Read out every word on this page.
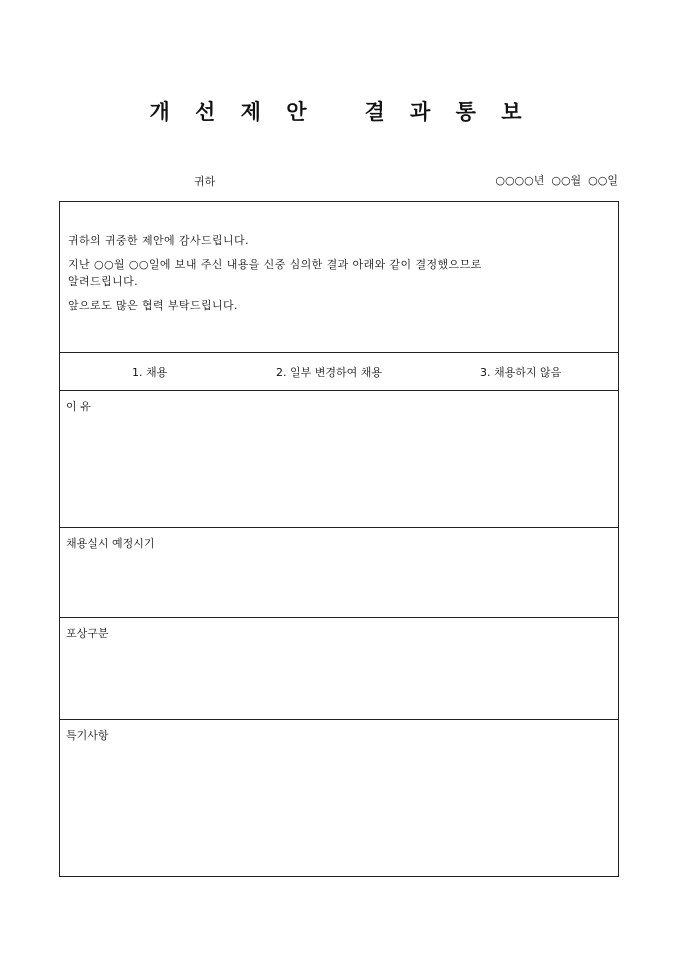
개 선 제 안   결 과 통 보
귀하	○○○○년  ○○월  ○○일

귀하의 귀중한 제안에 감사드립니다.

지난 ○○월 ○○일에 보내 주신 내용을 신중 심의한 결과 아래와 같이 결정했으므로

알려드립니다.

앞으로도 많은 협력 부탁드립니다.

1. 채용	2. 일부 변경하여 채용	3. 채용하지 않음
이 유
채용실시 예정시기
포상구분
특기사항
